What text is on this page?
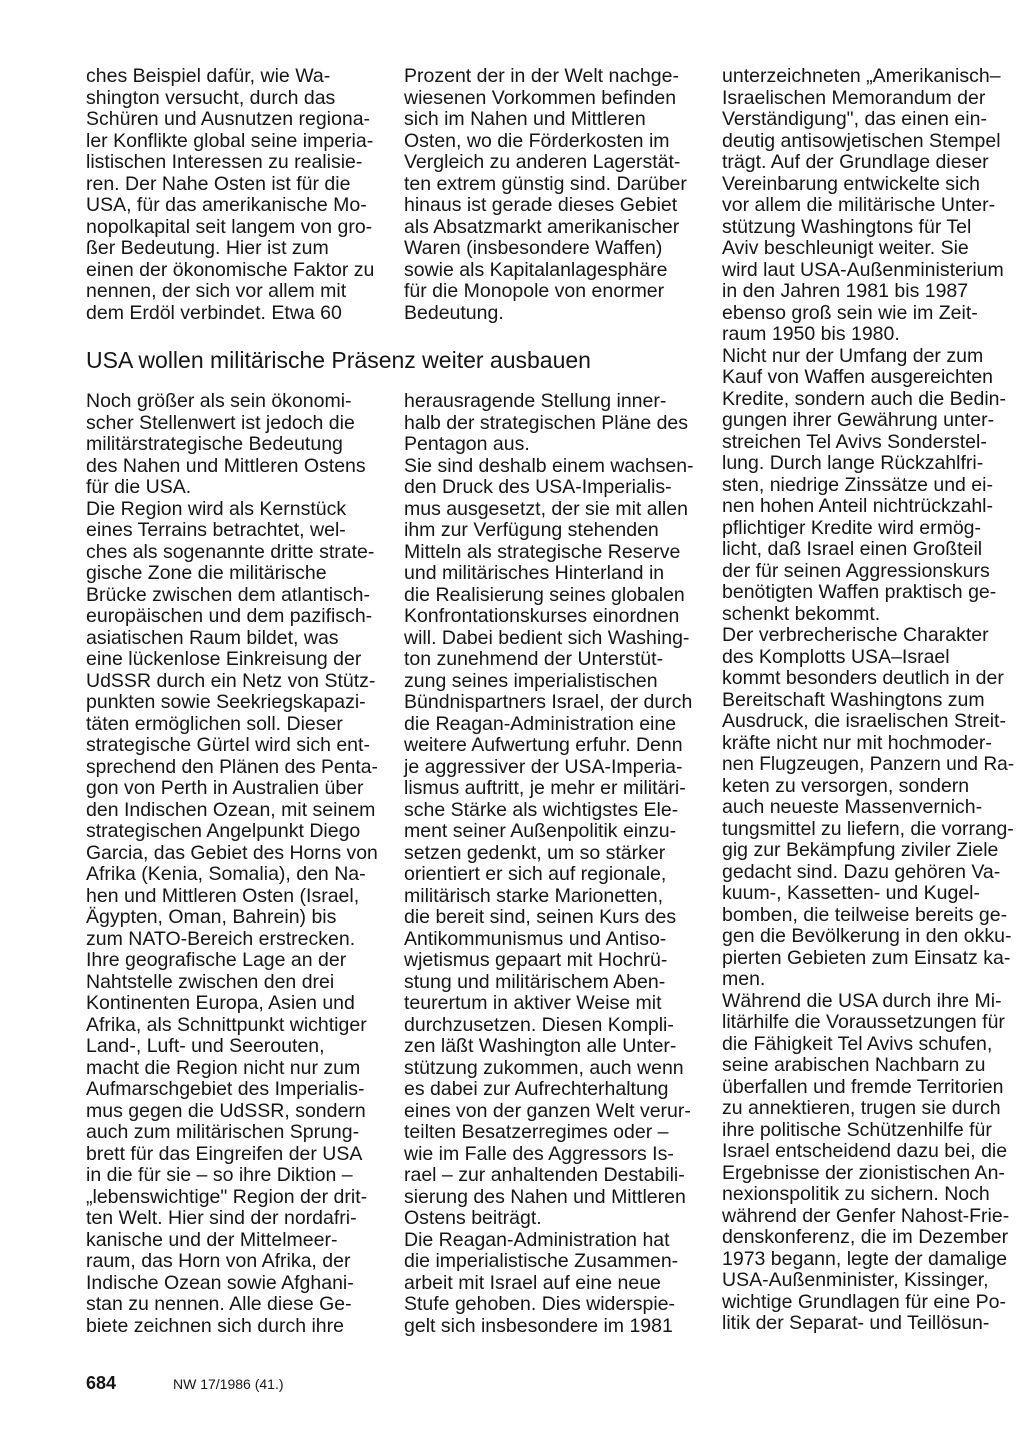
ches Beispiel dafür, wie Wa-
shington versucht, durch das
Schüren und Ausnutzen regiona-
ler Konflikte global seine imperia-
listischen Interessen zu realisie-
ren. Der Nahe Osten ist für die
USA, für das amerikanische Mo-
nopolkapital seit langem von gro-
ßer Bedeutung. Hier ist zum
einen der ökonomische Faktor zu
nennen, der sich vor allem mit
dem Erdöl verbindet. Etwa 60
Prozent der in der Welt nachge-
wiesenen Vorkommen befinden
sich im Nahen und Mittleren
Osten, wo die Förderkosten im
Vergleich zu anderen Lagerstät-
ten extrem günstig sind. Darüber
hinaus ist gerade dieses Gebiet
als Absatzmarkt amerikanischer
Waren (insbesondere Waffen)
sowie als Kapitalanlagesphäre
für die Monopole von enormer
Bedeutung.
unterzeichneten „Amerikanisch–
Israelischen Memorandum der
Verständigung", das einen ein-
deutig antisowjetischen Stempel
trägt. Auf der Grundlage dieser
Vereinbarung entwickelte sich
vor allem die militärische Unter-
stützung Washingtons für Tel
Aviv beschleunigt weiter. Sie
wird laut USA-Außenministerium
in den Jahren 1981 bis 1987
ebenso groß sein wie im Zeit-
raum 1950 bis 1980.
Nicht nur der Umfang der zum
Kauf von Waffen ausgereichten
Kredite, sondern auch die Bedin-
gungen ihrer Gewährung unter-
streichen Tel Avivs Sonderstel-
lung. Durch lange Rückzahlfri-
sten, niedrige Zinssätze und ei-
nen hohen Anteil nichtrückzahl-
pflichtiger Kredite wird ermög-
licht, daß Israel einen Großteil
der für seinen Aggressionskurs
benötigten Waffen praktisch ge-
schenkt bekommt.
Der verbrecherische Charakter
des Komplotts USA–Israel
kommt besonders deutlich in der
Bereitschaft Washingtons zum
Ausdruck, die israelischen Streit-
kräfte nicht nur mit hochmoder-
nen Flugzeugen, Panzern und Ra-
keten zu versorgen, sondern
auch neueste Massenvernich-
tungsmittel zu liefern, die vorrang-
gig zur Bekämpfung ziviler Ziele
gedacht sind. Dazu gehören Va-
kuum-, Kassetten- und Kugel-
bomben, die teilweise bereits ge-
gen die Bevölkerung in den okku-
pierten Gebieten zum Einsatz ka-
men.
Während die USA durch ihre Mi-
litärhilfe die Voraussetzungen für
die Fähigkeit Tel Avivs schufen,
seine arabischen Nachbarn zu
überfallen und fremde Territorien
zu annektieren, trugen sie durch
ihre politische Schützenhilfe für
Israel entscheidend dazu bei, die
Ergebnisse der zionistischen An-
nexionspolitik zu sichern. Noch
während der Genfer Nahost-Frie-
denskonferenz, die im Dezember
1973 begann, legte der damalige
USA-Außenminister, Kissinger,
wichtige Grundlagen für eine Po-
litik der Separat- und Teillösun-
USA wollen militärische Präsenz weiter ausbauen
Noch größer als sein ökonomi-
scher Stellenwert ist jedoch die
militärstrategische Bedeutung
des Nahen und Mittleren Ostens
für die USA.
Die Region wird als Kernstück
eines Terrains betrachtet, wel-
ches als sogenannte dritte strate-
gische Zone die militärische
Brücke zwischen dem atlantisch-
europäischen und dem pazifisch-
asiatischen Raum bildet, was
eine lückenlose Einkreisung der
UdSSR durch ein Netz von Stütz-
punkten sowie Seekriegskapazi-
täten ermöglichen soll. Dieser
strategische Gürtel wird sich ent-
sprechend den Plänen des Penta-
gon von Perth in Australien über
den Indischen Ozean, mit seinem
strategischen Angelpunkt Diego
Garcia, das Gebiet des Horns von
Afrika (Kenia, Somalia), den Na-
hen und Mittleren Osten (Israel,
Ägypten, Oman, Bahrein) bis
zum NATO-Bereich erstrecken.
Ihre geografische Lage an der
Nahtstelle zwischen den drei
Kontinenten Europa, Asien und
Afrika, als Schnittpunkt wichtiger
Land-, Luft- und Seerouten,
macht die Region nicht nur zum
Aufmarschgebiet des Imperialis-
mus gegen die UdSSR, sondern
auch zum militärischen Sprung-
brett für das Eingreifen der USA
in die für sie – so ihre Diktion –
„lebenswichtige" Region der drit-
ten Welt. Hier sind der nordafri-
kanische und der Mittelmeer-
raum, das Horn von Afrika, der
Indische Ozean sowie Afghani-
stan zu nennen. Alle diese Ge-
biete zeichnen sich durch ihre
herausragende Stellung inner-
halb der strategischen Pläne des
Pentagon aus.
Sie sind deshalb einem wachsen-
den Druck des USA-Imperialis-
mus ausgesetzt, der sie mit allen
ihm zur Verfügung stehenden
Mitteln als strategische Reserve
und militärisches Hinterland in
die Realisierung seines globalen
Konfrontationskurses einordnen
will. Dabei bedient sich Washing-
ton zunehmend der Unterstüt-
zung seines imperialistischen
Bündnispartners Israel, der durch
die Reagan-Administration eine
weitere Aufwertung erfuhr. Denn
je aggressiver der USA-Imperia-
lismus auftritt, je mehr er militäri-
sche Stärke als wichtigstes Ele-
ment seiner Außenpolitik einzu-
setzen gedenkt, um so stärker
orientiert er sich auf regionale,
militärisch starke Marionetten,
die bereit sind, seinen Kurs des
Antikommunismus und Antiso-
wjetismus gepaart mit Hochrü-
stung und militärischem Aben-
teurertum in aktiver Weise mit
durchzusetzen. Diesen Kompli-
zen läßt Washington alle Unter-
stützung zukommen, auch wenn
es dabei zur Aufrechterhaltung
eines von der ganzen Welt verur-
teilten Besatzerregimes oder –
wie im Falle des Aggressors Is-
rael – zur anhaltenden Destabili-
sierung des Nahen und Mittleren
Ostens beiträgt.
Die Reagan-Administration hat
die imperialistische Zusammen-
arbeit mit Israel auf eine neue
Stufe gehoben. Dies widerspie-
gelt sich insbesondere im 1981
684	NW 17/1986 (41.)
